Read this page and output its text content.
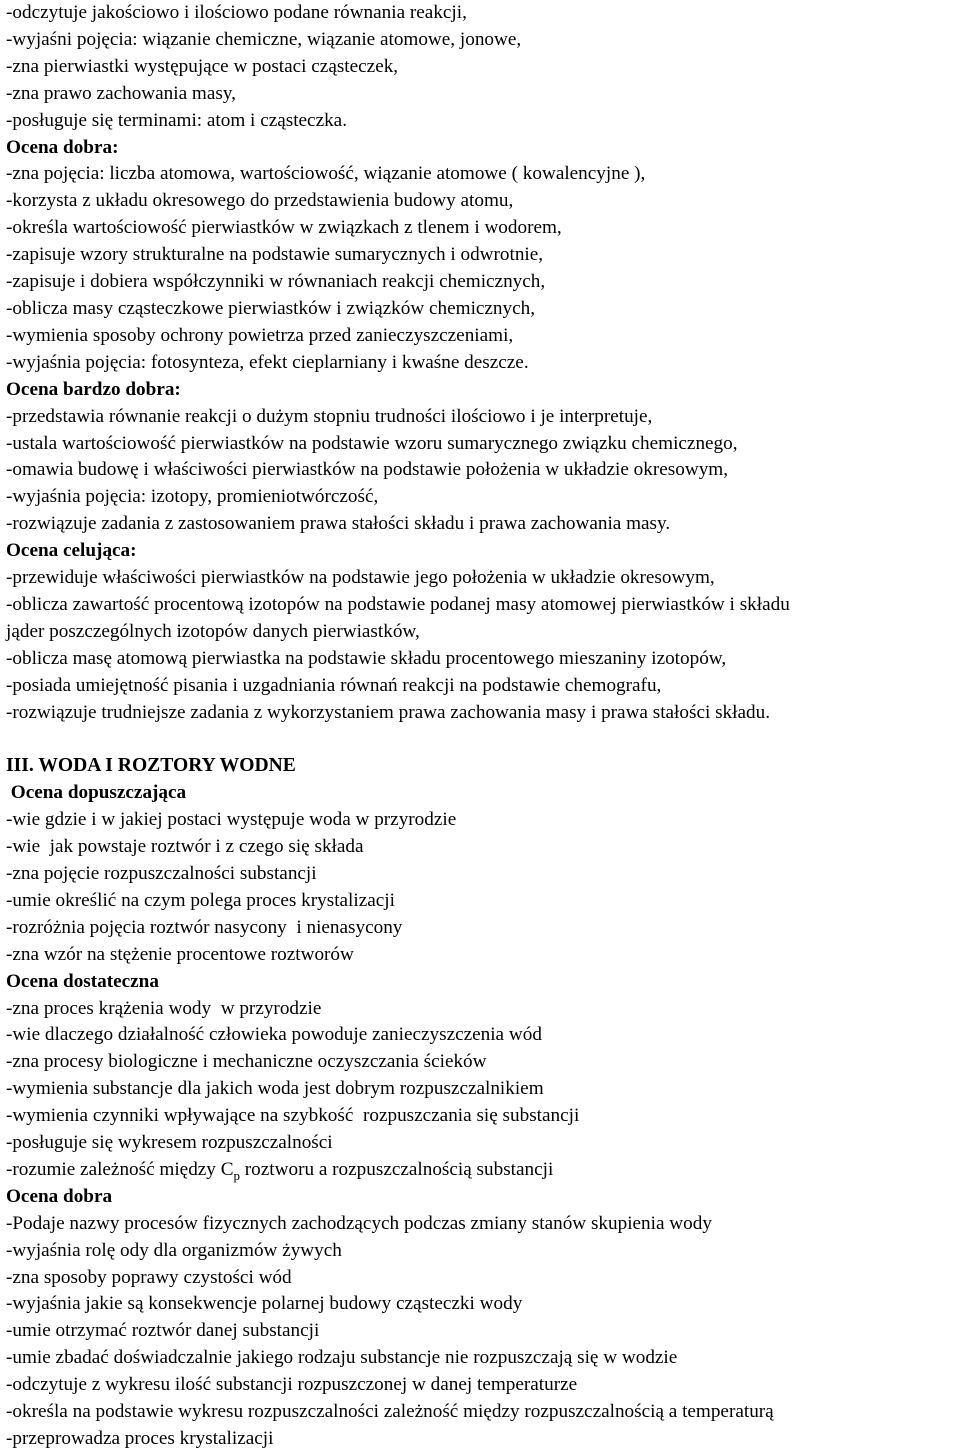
-odczytuje jakościowo i ilościowo podane równania reakcji,
-wyjaśni pojęcia: wiązanie chemiczne, wiązanie atomowe, jonowe,
-zna pierwiastki występujące w postaci cząsteczek,
-zna prawo zachowania masy,
-posługuje się terminami: atom i cząsteczka.
Ocena dobra:
-zna pojęcia: liczba atomowa, wartościowość, wiązanie atomowe ( kowalencyjne ),
-korzysta z układu okresowego do przedstawienia budowy atomu,
-określa wartościowość pierwiastków w związkach z tlenem i wodorem,
-zapisuje wzory strukturalne na podstawie sumarycznych i odwrotnie,
-zapisuje i dobiera współczynniki w równaniach reakcji chemicznych,
-oblicza masy cząsteczkowe pierwiastków i związków chemicznych,
-wymienia sposoby ochrony powietrza przed zanieczyszczeniami,
-wyjaśnia pojęcia: fotosynteza, efekt cieplarniany i kwaśne deszcze.
Ocena bardzo dobra:
-przedstawia równanie reakcji o dużym stopniu trudności ilościowo i je interpretuje,
-ustala wartościowość pierwiastków na podstawie wzoru sumarycznego związku chemicznego,
-omawia budowę i właściwości pierwiastków na podstawie położenia w układzie okresowym,
-wyjaśnia pojęcia: izotopy, promieniotwórczość,
-rozwiązuje zadania z zastosowaniem prawa stałości składu i prawa zachowania masy.
Ocena celująca:
-przewiduje właściwości pierwiastków na podstawie jego położenia w układzie okresowym,
-oblicza zawartość procentową izotopów na podstawie podanej masy atomowej pierwiastków i składu
jąder poszczególnych izotopów danych pierwiastków,
-oblicza masę atomową pierwiastka na podstawie składu procentowego mieszaniny izotopów,
-posiada umiejętność pisania i uzgadniania równań reakcji na podstawie chemografu,
-rozwiązuje trudniejsze zadania z wykorzystaniem prawa zachowania masy i prawa stałości składu.
III. WODA I ROZTORY WODNE
Ocena dopuszczająca
-wie gdzie i w jakiej postaci występuje woda w przyrodzie
-wie  jak powstaje roztwór i z czego się składa
-zna pojęcie rozpuszczalności substancji
-umie określić na czym polega proces krystalizacji
-rozróżnia pojęcia roztwór nasycony  i nienasycony
-zna wzór na stężenie procentowe roztworów
Ocena dostateczna
-zna proces krążenia wody  w przyrodzie
-wie dlaczego działalność człowieka powoduje zanieczyszczenia wód
-zna procesy biologiczne i mechaniczne oczyszczania ścieków
-wymienia substancje dla jakich woda jest dobrym rozpuszczalnikiem
-wymienia czynniki wpływające na szybkość  rozpuszczania się substancji
-posługuje się wykresem rozpuszczalności
-rozumie zależność między $C_p$ roztworu a rozpuszczalnością substancji
Ocena dobra
-Podaje nazwy procesów fizycznych zachodzących podczas zmiany stanów skupienia wody
-wyjaśnia rolę ody dla organizmów żywych
-zna sposoby poprawy czystości wód
-wyjaśnia jakie są konsekwencje polarnej budowy cząsteczki wody
-umie otrzymać roztwór danej substancji
-umie zbadać doświadczalnie jakiego rodzaju substancje nie rozpuszczają się w wodzie
-odczytuje z wykresu ilość substancji rozpuszczonej w danej temperaturze
-określa na podstawie wykresu rozpuszczalności zależność między rozpuszczalnością a temperaturą
-przeprowadza proces krystalizacji
